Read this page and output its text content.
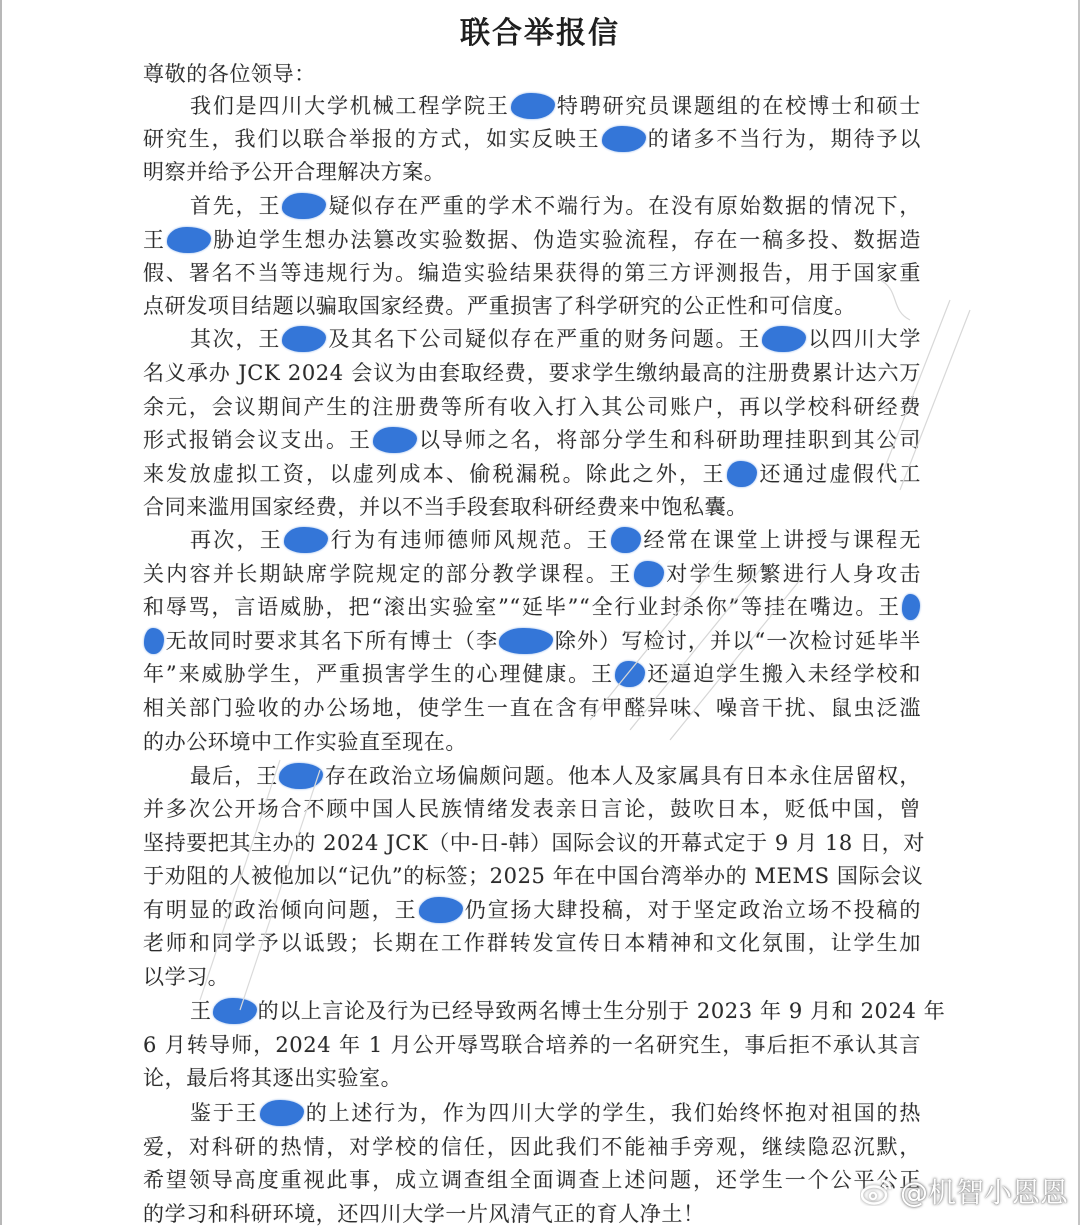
联合举报信
尊敬的各位领导：
我们是四川大学机械工程学院王 特聘研究员课题组的在校博士和硕士
研究生，我们以联合举报的方式，如实反映王 的诸多不当行为，期待予以
明察并给予公开合理解决方案。
首先，王 疑似存在严重的学术不端行为。在没有原始数据的情况下，
王 胁迫学生想办法篡改实验数据、伪造实验流程，存在一稿多投、数据造
假、署名不当等违规行为。编造实验结果获得的第三方评测报告，用于国家重
点研发项目结题以骗取国家经费。严重损害了科学研究的公正性和可信度。
其次，王 及其名下公司疑似存在严重的财务问题。王 以四川大学
名义承办 JCK 2024 会议为由套取经费，要求学生缴纳最高的注册费累计达六万
余元，会议期间产生的注册费等所有收入打入其公司账户，再以学校科研经费
形式报销会议支出。王 以导师之名，将部分学生和科研助理挂职到其公司
来发放虚拟工资，以虚列成本、偷税漏税。除此之外，王 还通过虚假代工
合同来滥用国家经费，并以不当手段套取科研经费来中饱私囊。
再次，王 行为有违师德师风规范。王 经常在课堂上讲授与课程无
关内容并长期缺席学院规定的部分教学课程。王 对学生频繁进行人身攻击
和辱骂，言语威胁，把“滚出实验室”“延毕”“全行业封杀你”等挂在嘴边。王
无故同时要求其名下所有博士（李	除外）写检讨，并以“一次检讨延毕半
年”来威胁学生，严重损害学生的心理健康。王 还逼迫学生搬入未经学校和
相关部门验收的办公场地，使学生一直在含有甲醛异味、噪音干扰、鼠虫泛滥
的办公环境中工作实验直至现在。
最后，王 存在政治立场偏颇问题。他本人及家属具有日本永住居留权，
并多次公开场合不顾中国人民族情绪发表亲日言论，鼓吹日本，贬低中国，曾
坚持要把其主办的 2024 JCK（中-日-韩）国际会议的开幕式定于 9 月 18 日，对
于劝阻的人被他加以“记仇”的标签；2025 年在中国台湾举办的 MEMS 国际会议
有明显的政治倾向问题，王 仍宣扬大肆投稿，对于坚定政治立场不投稿的
老师和同学予以诋毁；长期在工作群转发宣传日本精神和文化氛围，让学生加
以学习。
王 的以上言论及行为已经导致两名博士生分别于 2023 年 9 月和 2024 年
6 月转导师，2024 年 1 月公开辱骂联合培养的一名研究生，事后拒不承认其言
论，最后将其逐出实验室。
鉴于王 的上述行为，作为四川大学的学生，我们始终怀抱对祖国的热
爱，对科研的热情，对学校的信任，因此我们不能袖手旁观，继续隐忍沉默，
希望领导高度重视此事，成立调查组全面调查上述问题，还学生一个公平公正
的学习和科研环境，还四川大学一片风清气正的育人净土！
@机智小恩恩
